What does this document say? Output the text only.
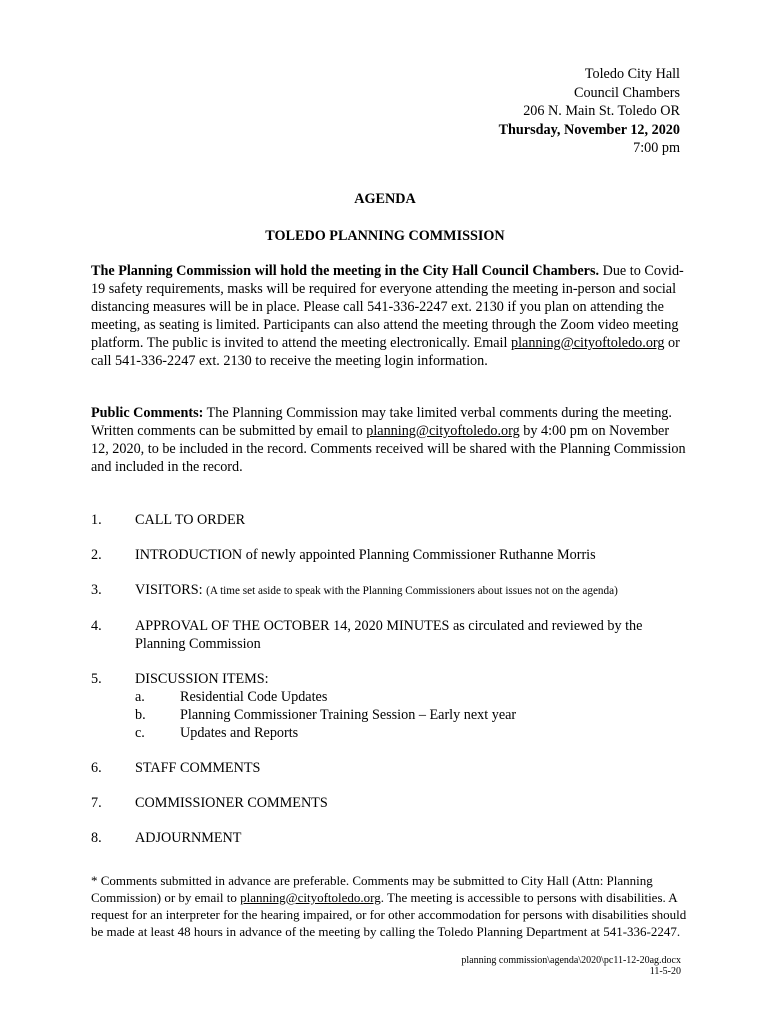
Toledo City Hall
Council Chambers
206 N. Main St. Toledo OR
Thursday, November 12, 2020
7:00 pm
AGENDA
TOLEDO PLANNING COMMISSION
The Planning Commission will hold the meeting in the City Hall Council Chambers. Due to Covid-19 safety requirements, masks will be required for everyone attending the meeting in-person and social distancing measures will be in place. Please call 541-336-2247 ext. 2130 if you plan on attending the meeting, as seating is limited. Participants can also attend the meeting through the Zoom video meeting platform. The public is invited to attend the meeting electronically. Email planning@cityoftoledo.org or call 541-336-2247 ext. 2130 to receive the meeting login information.
Public Comments: The Planning Commission may take limited verbal comments during the meeting. Written comments can be submitted by email to planning@cityoftoledo.org by 4:00 pm on November 12, 2020, to be included in the record. Comments received will be shared with the Planning Commission and included in the record.
1. CALL TO ORDER
2. INTRODUCTION of newly appointed Planning Commissioner Ruthanne Morris
3. VISITORS: (A time set aside to speak with the Planning Commissioners about issues not on the agenda)
4. APPROVAL OF THE OCTOBER 14, 2020 MINUTES as circulated and reviewed by the Planning Commission
5. DISCUSSION ITEMS:
a. Residential Code Updates
b. Planning Commissioner Training Session – Early next year
c. Updates and Reports
6. STAFF COMMENTS
7. COMMISSIONER COMMENTS
8. ADJOURNMENT
* Comments submitted in advance are preferable. Comments may be submitted to City Hall (Attn: Planning Commission) or by email to planning@cityoftoledo.org. The meeting is accessible to persons with disabilities. A request for an interpreter for the hearing impaired, or for other accommodation for persons with disabilities should be made at least 48 hours in advance of the meeting by calling the Toledo Planning Department at 541-336-2247.
planning commission\agenda\2020\pc11-12-20ag.docx
11-5-20
